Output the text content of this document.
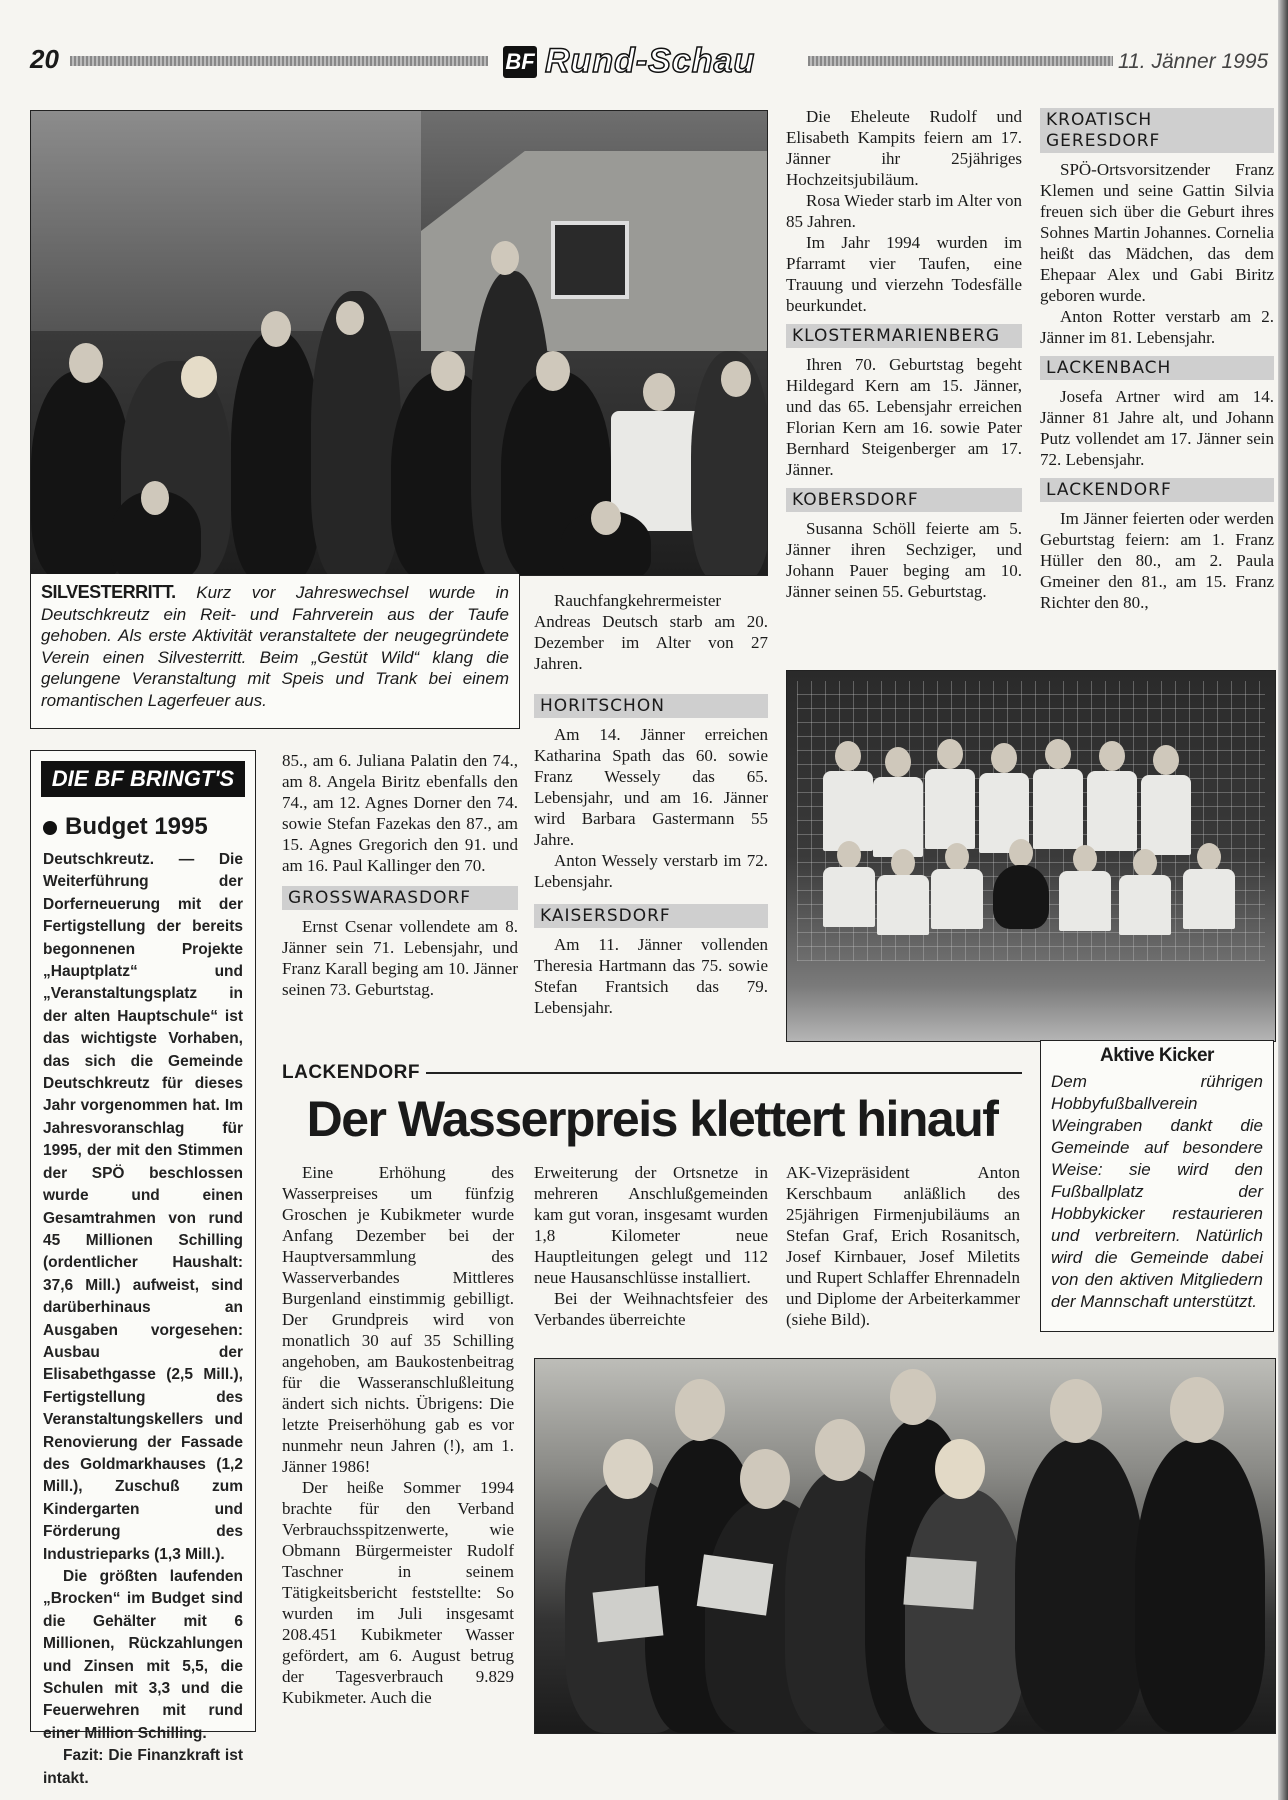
20	BF Rund-Schau	11. Jänner 1995
SILVESTERRITT. Kurz vor Jahreswechsel wurde in Deutschkreutz ein Reit- und Fahrverein aus der Taufe gehoben. Als erste Aktivität veranstaltete der neugegründete Verein einen Silvesterritt. Beim „Gestüt Wild“ klang die gelungene Veranstaltung mit Speis und Trank bei einem romantischen Lagerfeuer aus.

Rauchfangkehrermeister Andreas Deutsch starb am 20. Dezember im Alter von 27 Jahren.

HORITSCHON

Am 14. Jänner erreichen Katharina Spath das 60. sowie Franz Wessely das 65. Lebensjahr, und am 16. Jänner wird Barbara Gastermann 55 Jahre.

Anton Wessely verstarb im 72. Lebensjahr.

KAISERSDORF

Am 11. Jänner vollenden Theresia Hartmann das 75. sowie Stefan Frantsich das 79. Lebensjahr.

Die Eheleute Rudolf und Elisabeth Kampits feiern am 17. Jänner ihr 25jähriges Hochzeitsjubiläum.

Rosa Wieder starb im Alter von 85 Jahren.

Im Jahr 1994 wurden im Pfarramt vier Taufen, eine Trauung und vierzehn Todesfälle beurkundet.

KLOSTERMARIENBERG

Ihren 70. Geburtstag begeht Hildegard Kern am 15. Jänner, und das 65. Lebensjahr erreichen Florian Kern am 16. sowie Pater Bernhard Steigenberger am 17. Jänner.

KOBERSDORF

Susanna Schöll feierte am 5. Jänner ihren Sechziger, und Johann Pauer beging am 10. Jänner seinen 55. Geburtstag.

KROATISCH GERESDORF

SPÖ-Ortsvorsitzender Franz Klemen und seine Gattin Silvia freuen sich über die Geburt ihres Sohnes Martin Johannes. Cornelia heißt das Mädchen, das dem Ehepaar Alex und Gabi Biritz geboren wurde.

Anton Rotter verstarb am 2. Jänner im 81. Lebensjahr.

LACKENBACH

Josefa Artner wird am 14. Jänner 81 Jahre alt, und Johann Putz vollendet am 17. Jänner sein 72. Lebensjahr.

LACKENDORF

Im Jänner feierten oder werden Geburtstag feiern: am 1. Franz Hüller den 80., am 2. Paula Gmeiner den 81., am 15. Franz Richter den 80.,

Aktive Kicker
Dem rührigen Hobbyfußballverein Weingraben dankt die Gemeinde auf besondere Weise: sie wird den Fußballplatz der Hobbykicker restaurieren und verbreitern. Natürlich wird die Gemeinde dabei von den aktiven Mitgliedern der Mannschaft unterstützt.
DIE BF BRINGT'S
Budget 1995

Deutschkreutz. — Die Weiterführung der Dorferneuerung mit der Fertigstellung der bereits begonnenen Projekte „Hauptplatz“ und „Veranstaltungsplatz in der alten Hauptschule“ ist das wichtigste Vorhaben, das sich die Gemeinde Deutschkreutz für dieses Jahr vorgenommen hat. Im Jahresvoranschlag für 1995, der mit den Stimmen der SPÖ beschlossen wurde und einen Gesamtrahmen von rund 45 Millionen Schilling (ordentlicher Haushalt: 37,6 Mill.) aufweist, sind darüberhinaus an Ausgaben vorgesehen: Ausbau der Elisabethgasse (2,5 Mill.), Fertigstellung des Veranstaltungskellers und Renovierung der Fassade des Goldmarkhauses (1,2 Mill.), Zuschuß zum Kindergarten und Förderung des Industrieparks (1,3 Mill.).

Die größten laufenden „Brocken“ im Budget sind die Gehälter mit 6 Millionen, Rückzahlungen und Zinsen mit 5,5, die Schulen mit 3,3 und die Feuerwehren mit rund einer Million Schilling.

Fazit: Die Finanzkraft ist intakt.

85., am 6. Juliana Palatin den 74., am 8. Angela Biritz ebenfalls den 74., am 12. Agnes Dorner den 74. sowie Stefan Fazekas den 87., am 15. Agnes Gregorich den 91. und am 16. Paul Kallinger den 70.

GROSSWARASDORF

Ernst Csenar vollendete am 8. Jänner sein 71. Lebensjahr, und Franz Karall beging am 10. Jänner seinen 73. Geburtstag.

LACKENDORF
Der Wasserpreis klettert hinauf

Eine Erhöhung des Wasserpreises um fünfzig Groschen je Kubikmeter wurde Anfang Dezember bei der Hauptversammlung des Wasserverbandes Mittleres Burgenland einstimmig gebilligt. Der Grundpreis wird von monatlich 30 auf 35 Schilling angehoben, am Baukostenbeitrag für die Wasseranschlußleitung ändert sich nichts. Übrigens: Die letzte Preiserhöhung gab es vor nunmehr neun Jahren (!), am 1. Jänner 1986!

Der heiße Sommer 1994 brachte für den Verband Verbrauchsspitzenwerte, wie Obmann Bürgermeister Rudolf Taschner in seinem Tätigkeitsbericht feststellte: So wurden im Juli insgesamt 208.451 Kubikmeter Wasser gefördert, am 6. August betrug der Tagesverbrauch 9.829 Kubikmeter. Auch die

Erweiterung der Ortsnetze in mehreren Anschlußgemeinden kam gut voran, insgesamt wurden 1,8 Kilometer neue Hauptleitungen gelegt und 112 neue Hausanschlüsse installiert.

Bei der Weihnachtsfeier des Verbandes überreichte

AK-Vizepräsident Anton Kerschbaum anläßlich des 25jährigen Firmenjubiläums an Stefan Graf, Erich Rosanitsch, Josef Kirnbauer, Josef Miletits und Rupert Schlaffer Ehrennadeln und Diplome der Arbeiterkammer (siehe Bild).
